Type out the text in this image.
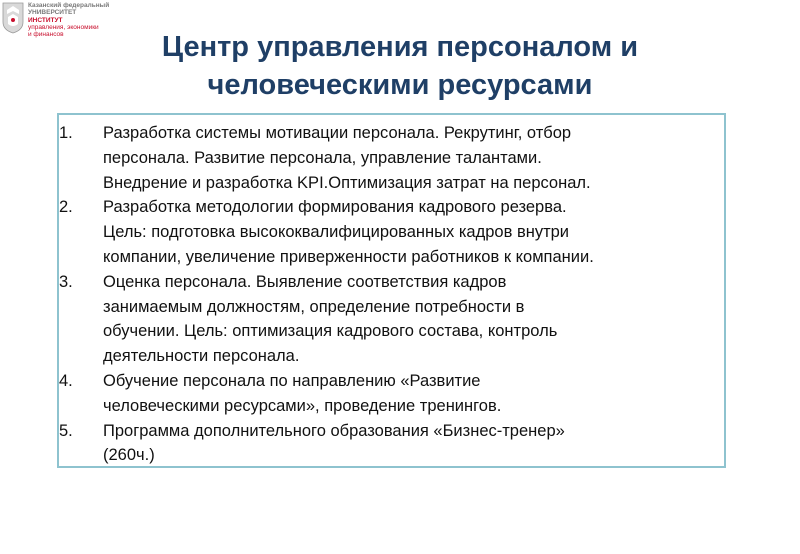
Казанский федеральный
УНИВЕРСИТЕТ
ИНСТИТУТ
управления, экономики
и финансов	Центр управления персоналом и
человеческими ресурсами
1.	Разработка системы мотивации персонала. Рекрутинг, отбор
персонала. Развитие персонала, управление талантами.
Внедрение и разработка KPI.Оптимизация затрат на персонал.
2.	Разработка методологии формирования кадрового резерва.
Цель: подготовка высококвалифицированных кадров внутри
компании, увеличение приверженности работников к компании.
3.	Оценка персонала. Выявление соответствия кадров
занимаемым должностям, определение потребности в
обучении. Цель: оптимизация кадрового состава, контроль
деятельности персонала.
4.	Обучение персонала по направлению «Развитие
человеческими ресурсами», проведение тренингов.
5.	Программа дополнительного образования «Бизнес-тренер»
(260ч.)
